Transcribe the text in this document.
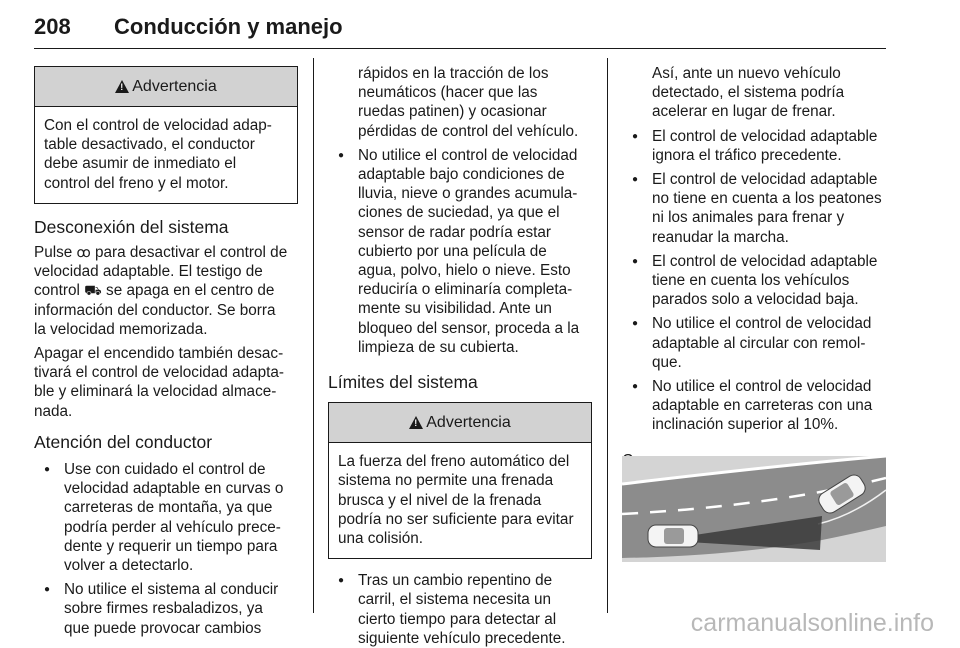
208 Conducción y manejo
!
Advertencia
Con el control de velocidad adap-
table desactivado, el conductor
debe asumir de inmediato el
control del freno y el motor.
Desconexión del sistema

Pulse ꝏ para desactivar el control de
velocidad adaptable. El testigo de
control ⛟ se apaga en el centro de
información del conductor. Se borra
la velocidad memorizada.

Apagar el encendido también desac-
tivará el control de velocidad adapta-
ble y eliminará la velocidad almace-
nada.

Atención del conductor
● Use con cuidado el control de
velocidad adaptable en curvas o
carreteras de montaña, ya que
podría perder al vehículo prece-
dente y requerir un tiempo para
volver a detectarlo.
● No utilice el sistema al conducir
sobre firmes resbaladizos, ya
que puede provocar cambios

rápidos en la tracción de los
neumáticos (hacer que las
ruedas patinen) y ocasionar
pérdidas de control del vehículo.

● No utilice el control de velocidad
adaptable bajo condiciones de
lluvia, nieve o grandes acumula-
ciones de suciedad, ya que el
sensor de radar podría estar
cubierto por una película de
agua, polvo, hielo o nieve. Esto
reduciría o eliminaría completa-
mente su visibilidad. Ante un
bloqueo del sensor, proceda a la
limpieza de su cubierta.
Límites del sistema
!
Advertencia
La fuerza del freno automático del
sistema no permite una frenada
brusca y el nivel de la frenada
podría no ser suficiente para evitar
una colisión.
● Tras un cambio repentino de
carril, el sistema necesita un
cierto tiempo para detectar al
siguiente vehículo precedente.

Así, ante un nuevo vehículo
detectado, el sistema podría
acelerar en lugar de frenar.

● El control de velocidad adaptable
ignora el tráfico precedente.
● El control de velocidad adaptable
no tiene en cuenta a los peatones
ni los animales para frenar y
reanudar la marcha.
● El control de velocidad adaptable
tiene en cuenta los vehículos
parados solo a velocidad baja.
● No utilice el control de velocidad
adaptable al circular con remol-
que.
● No utilice el control de velocidad
adaptable en carreteras con una
inclinación superior al 10%.
carmanualsonline.info
